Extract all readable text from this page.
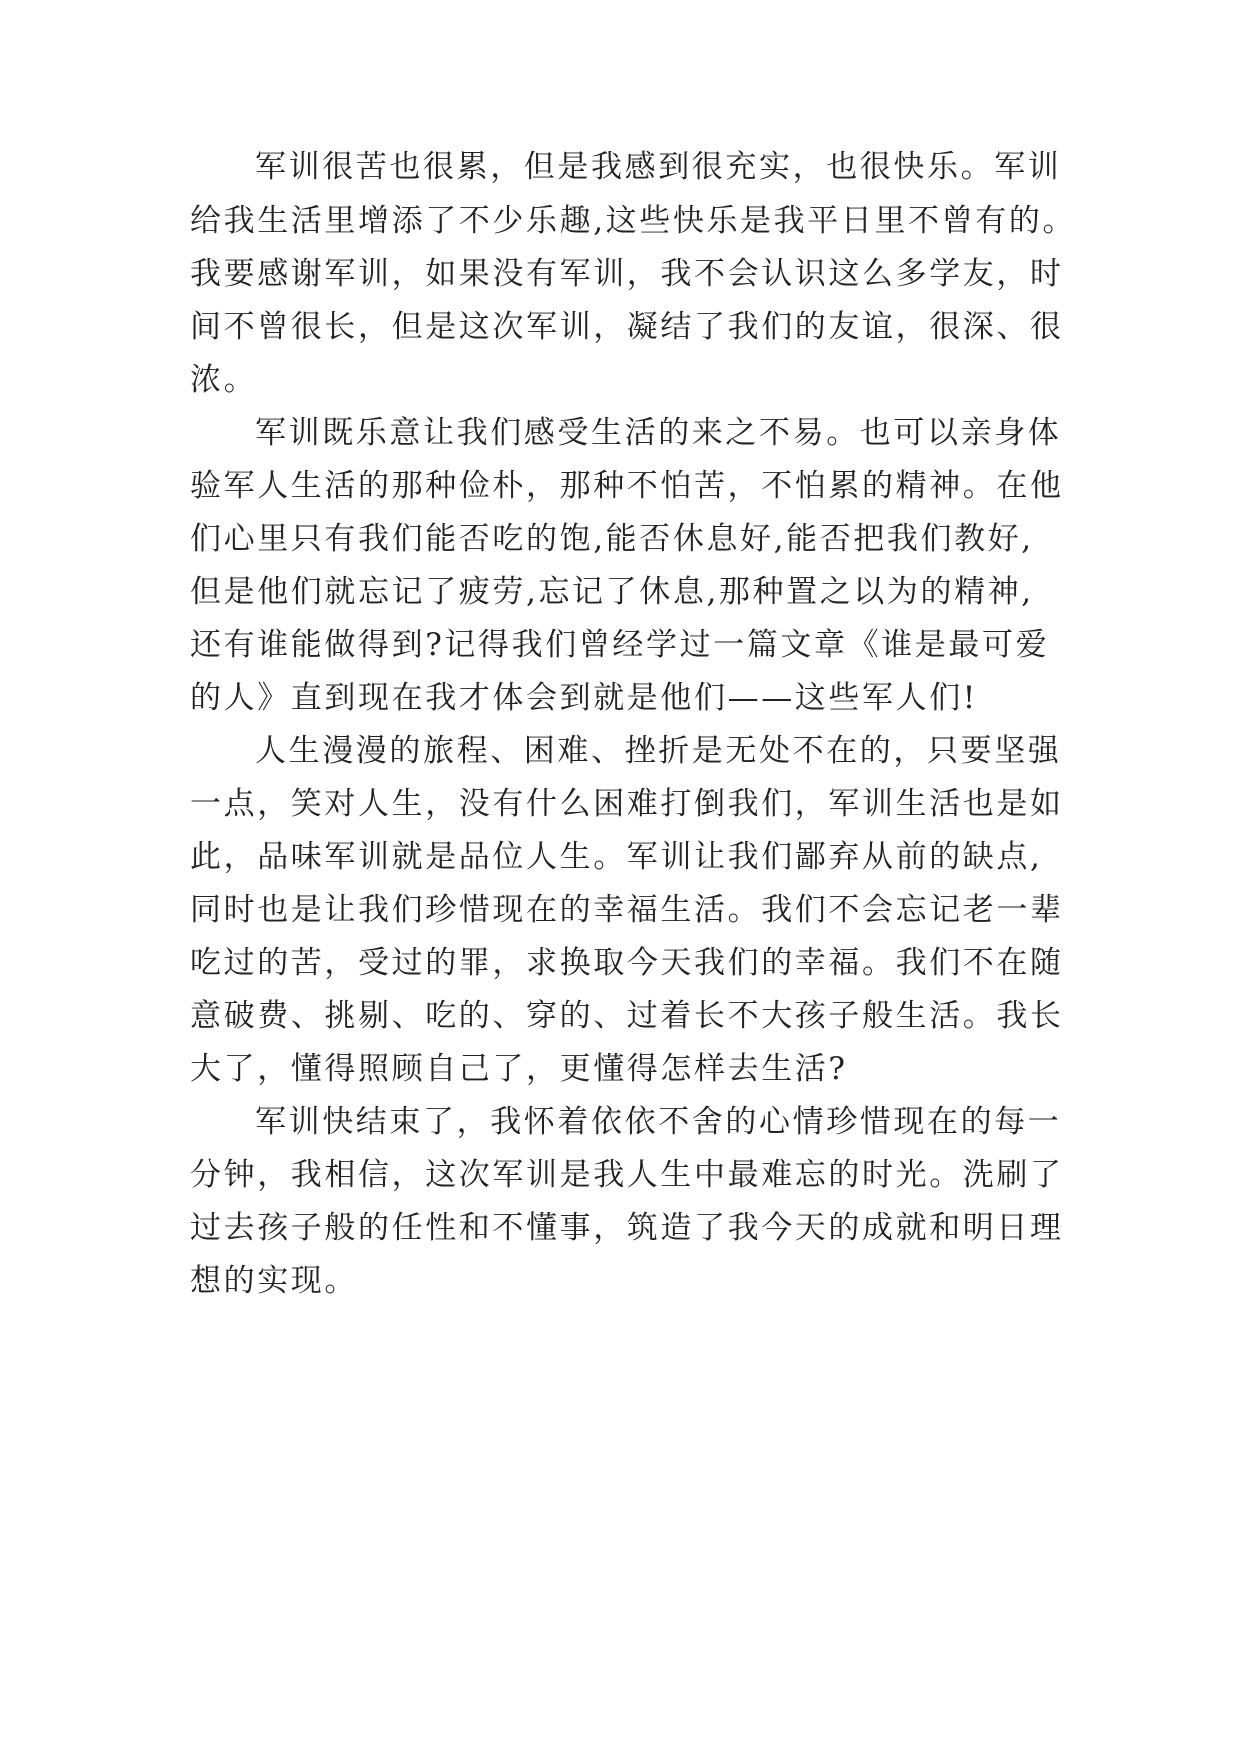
军训很苦也很累，但是我感到很充实，也很快乐。军训
给我生活里增添了不少乐趣,这些快乐是我平日里不曾有的。
我要感谢军训，如果没有军训，我不会认识这么多学友，时
间不曾很长，但是这次军训，凝结了我们的友谊，很深、很
浓。
军训既乐意让我们感受生活的来之不易。也可以亲身体
验军人生活的那种俭朴，那种不怕苦，不怕累的精神。在他
们心里只有我们能否吃的饱,能否休息好,能否把我们教好,
但是他们就忘记了疲劳,忘记了休息,那种置之以为的精神,
还有谁能做得到?记得我们曾经学过一篇文章《谁是最可爱
的人》直到现在我才体会到就是他们——这些军人们!
人生漫漫的旅程、困难、挫折是无处不在的，只要坚强
一点，笑对人生，没有什么困难打倒我们，军训生活也是如
此，品味军训就是品位人生。军训让我们鄙弃从前的缺点,
同时也是让我们珍惜现在的幸福生活。我们不会忘记老一辈
吃过的苦，受过的罪，求换取今天我们的幸福。我们不在随
意破费、挑剔、吃的、穿的、过着长不大孩子般生活。我长
大了，懂得照顾自己了，更懂得怎样去生活?
军训快结束了，我怀着依依不舍的心情珍惜现在的每一
分钟，我相信，这次军训是我人生中最难忘的时光。洗刷了
过去孩子般的任性和不懂事，筑造了我今天的成就和明日理
想的实现。
